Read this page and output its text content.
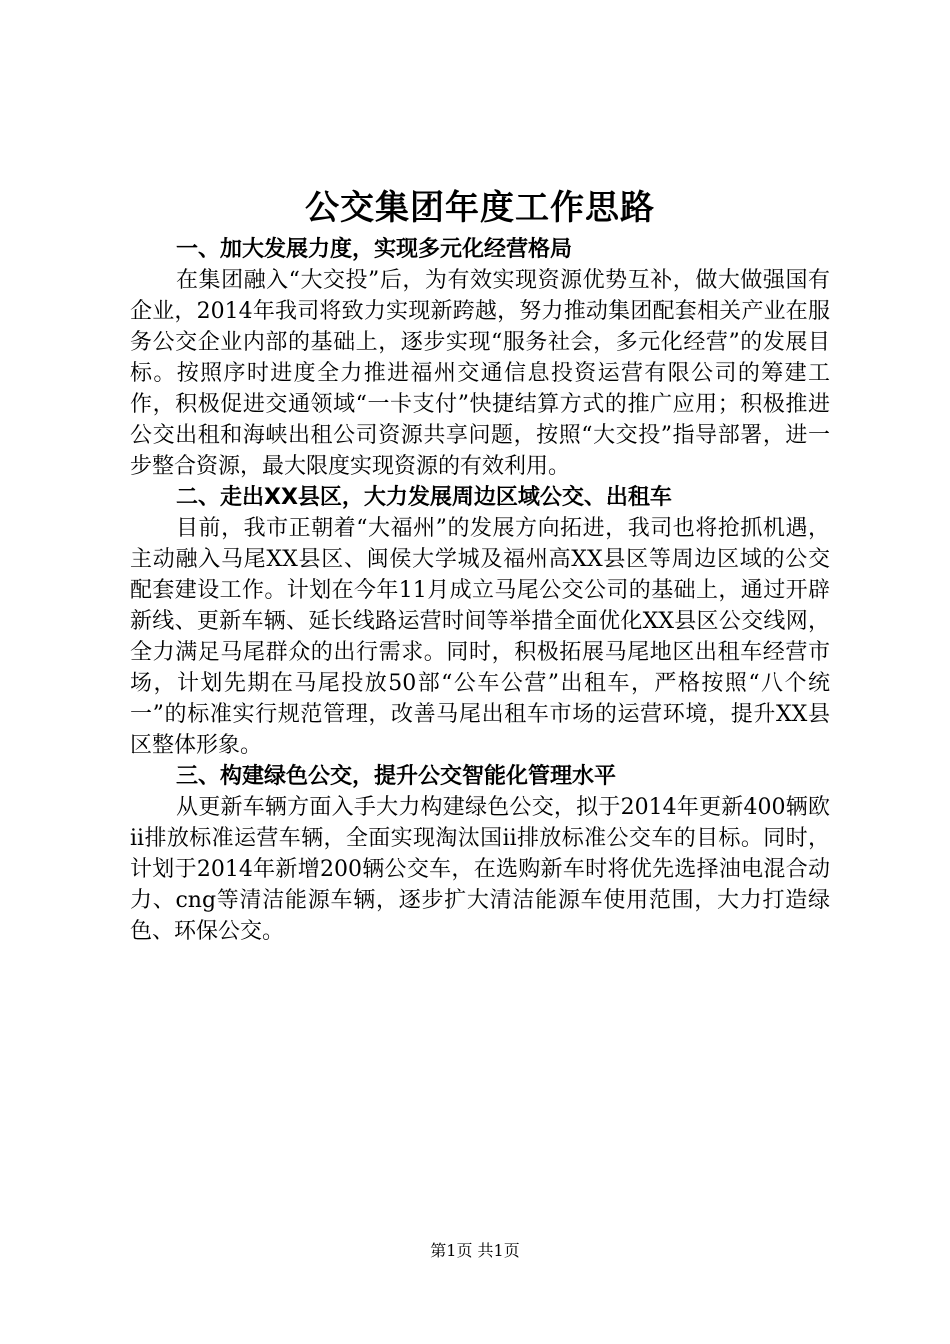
公交集团年度工作思路
一、加大发展力度，实现多元化经营格局

在集团融入“大交投”后，为有效实现资源优势互补，做大做强国有企业，2014年我司将致力实现新跨越，努力推动集团配套相关产业在服务公交企业内部的基础上，逐步实现“服务社会，多元化经营”的发展目标。按照序时进度全力推进福州交通信息投资运营有限公司的筹建工作，积极促进交通领域“一卡支付”快捷结算方式的推广应用；积极推进公交出租和海峡出租公司资源共享问题，按照“大交投”指导部署，进一步整合资源，最大限度实现资源的有效利用。

二、走出XX县区，大力发展周边区域公交、出租车

目前，我市正朝着“大福州”的发展方向拓进，我司也将抢抓机遇，主动融入马尾XX县区、闽侯大学城及福州高XX县区等周边区域的公交配套建设工作。计划在今年11月成立马尾公交公司的基础上，通过开辟新线、更新车辆、延长线路运营时间等举措全面优化XX县区公交线网，全力满足马尾群众的出行需求。同时，积极拓展马尾地区出租车经营市场，计划先期在马尾投放50部“公车公营”出租车，严格按照“八个统一”的标准实行规范管理，改善马尾出租车市场的运营环境，提升XX县区整体形象。

三、构建绿色公交，提升公交智能化管理水平

从更新车辆方面入手大力构建绿色公交，拟于2014年更新400辆欧ii排放标准运营车辆，全面实现淘汰国ii排放标准公交车的目标。同时，计划于2014年新增200辆公交车，在选购新车时将优先选择油电混合动力、cng等清洁能源车辆，逐步扩大清洁能源车使用范围，大力打造绿色、环保公交。

第1页 共1页
